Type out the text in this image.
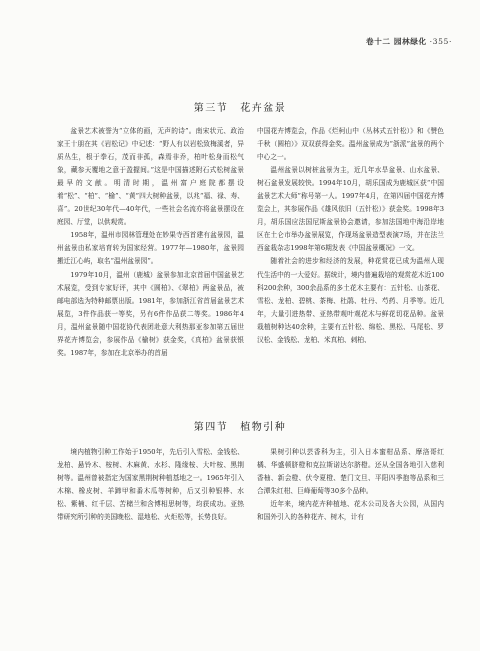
卷十二 园林绿化 ·355·
第三节 花卉盆景

盆景艺术被誉为“立体的画，无声的诗”。南宋状元、政治家王十朋在其《岩松记》中记述：“野人有以岩松致梅溪者，异质丛生，根于拳石，茂而非孤，森焉非乔，柏叶松身而松气象，藏参天覆地之意于盈握间。”这是中国描述附石式松树盆景最早的文献。明清时期，温州富户庭院都摆设着“松”、“柏”、“榆”、“黄”四大树种盆景，以兆“福、禄、寿、喜”。20世纪30年代—40年代，一些社会名流亦将盆景摆设在庭园、厅堂，以供观赏。

1958年，温州市园林管理处在妙果寺西首建有盆景园，温州盆景由私家培育转为国家经营。1977年—1980年，盆景园搬迁江心屿，取名“温州盆景园”。

1979年10月，温州（鹿城）盆景参加北京首届中国盆景艺术展览，受到专家好评，其中《圆柏》、《翠柏》两盆景品，被邮电部选为特种邮票出版。1981年，参加浙江省首届盆景艺术展览，3件作品获一等奖，另有6件作品获二等奖。1986年4月，温州盆景随中国花协代表团赴意大利热那亚参加第五届世界花卉博览会，参展作品《榆树》获金奖，《真柏》盆景获银奖。1987年，参加在北京举办的首届

中国花卉博览会，作品《烂柯山中（丛林式五针松）》和《赞色千秋（圆柏）》双双获得金奖。温州盆景成为“浙派”盆景的两个中心之一。

温州盆景以树桩盆景为主，近几年水旱盆景、山水盆景、树石盆景发展较快。1994年10月，胡乐国成为鹿城区获“中国盆景艺术大师”称号第一人。1997年4月，在第四届中国花卉博览会上，其参展作品《雄风依旧（五针松）》获金奖。1998年3月，胡乐国应法国尼斯盆景协会邀请，参加法国地中海沿岸地区在土仑市举办盆景展览，作现场盆景造型表演7场，并在法兰西盆栽杂志1998年第6期发表《中国盆景概况》一文。

随着社会的进步和经济的发展，种花赏花已成为温州人现代生活中的一大爱好。据统计，境内普遍栽培的观赏花木近100科200余种，300余品系的多土花木主要有：五针松、山茶花、雪松、龙柏、碧桃、茶梅、杜鹃、牡丹、芍药、月季等。近几年，大量引进热带、亚热带观叶观花木与鲜花切花品种。盆景栽植树种达40余种，主要有五针松、绵松、黑松、马尾松、罗汉松、金钱松、龙柏、米真柏、刺柏、

第四节 植物引种

境内植物引种工作始于1950年，先后引入雪松、金钱松、龙柏、悬铃木、桉树、木麻黄、水杉、隆缘桉、大叶桉、黑荆树等。温州曾被指定为国家黑荆树种植基地之一。1965年引入木棉、橡皮树、羊蹄甲和番木瓜等树种，后又引种银桦、水松、紫楠、红千层、苦槠兰和含博相思树等，均获成功。亚热带研究所引种的美国晚松、湿地松、火炬松等，长势良好。

果树引种以芸香科为主，引入日本蜜柑品系、摩洛哥红橘、华盛顿脐橙和克拉斯诺达尔脐橙。还从全国各地引入慈利香柚、新会橙、伏令夏橙、楚门文旦、平阳四季抱等品系和三合潭朱红柑、巨峰葡萄等30多个品种。

近年来，境内花卉种植地、花木公司及各大公园，从国内和国外引入的各种花卉、树木，计有
